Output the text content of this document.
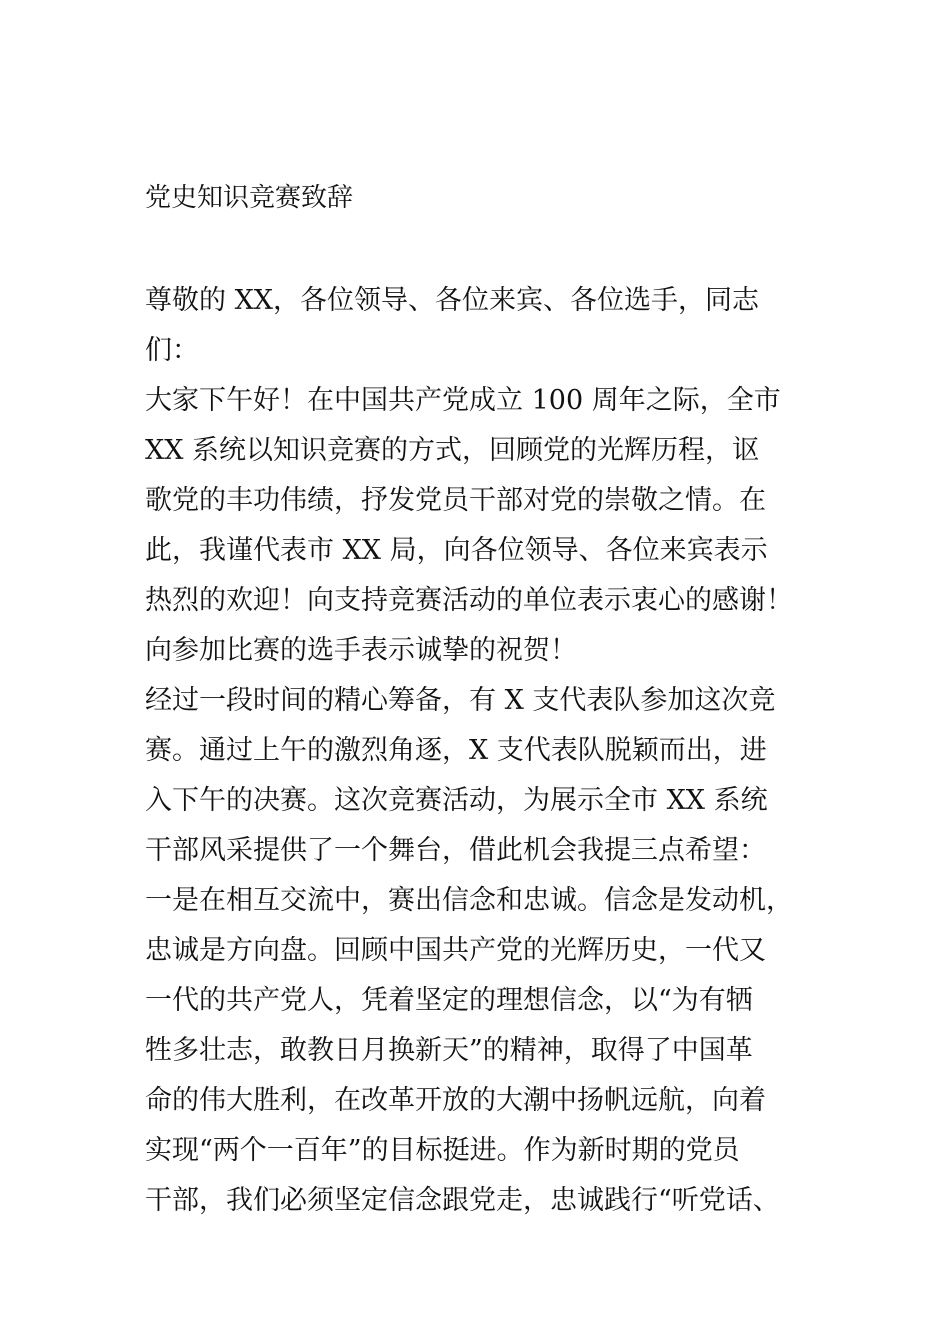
党史知识竞赛致辞
尊敬的 XX，各位领导、各位来宾、各位选手，同志
们：
大家下午好！在中国共产党成立 100 周年之际，全市
XX 系统以知识竞赛的方式，回顾党的光辉历程，讴
歌党的丰功伟绩，抒发党员干部对党的崇敬之情。在
此，我谨代表市 XX 局，向各位领导、各位来宾表示
热烈的欢迎！向支持竞赛活动的单位表示衷心的感谢！
向参加比赛的选手表示诚挚的祝贺！
经过一段时间的精心筹备，有 X 支代表队参加这次竞
赛。通过上午的激烈角逐，X 支代表队脱颖而出，进
入下午的决赛。这次竞赛活动，为展示全市 XX 系统
干部风采提供了一个舞台，借此机会我提三点希望：
一是在相互交流中，赛出信念和忠诚。信念是发动机，
忠诚是方向盘。回顾中国共产党的光辉历史，一代又
一代的共产党人，凭着坚定的理想信念，以“为有牺
牲多壮志，敢教日月换新天”的精神，取得了中国革
命的伟大胜利，在改革开放的大潮中扬帆远航，向着
实现“两个一百年”的目标挺进。作为新时期的党员
干部，我们必须坚定信念跟党走，忠诚践行“听党话、
